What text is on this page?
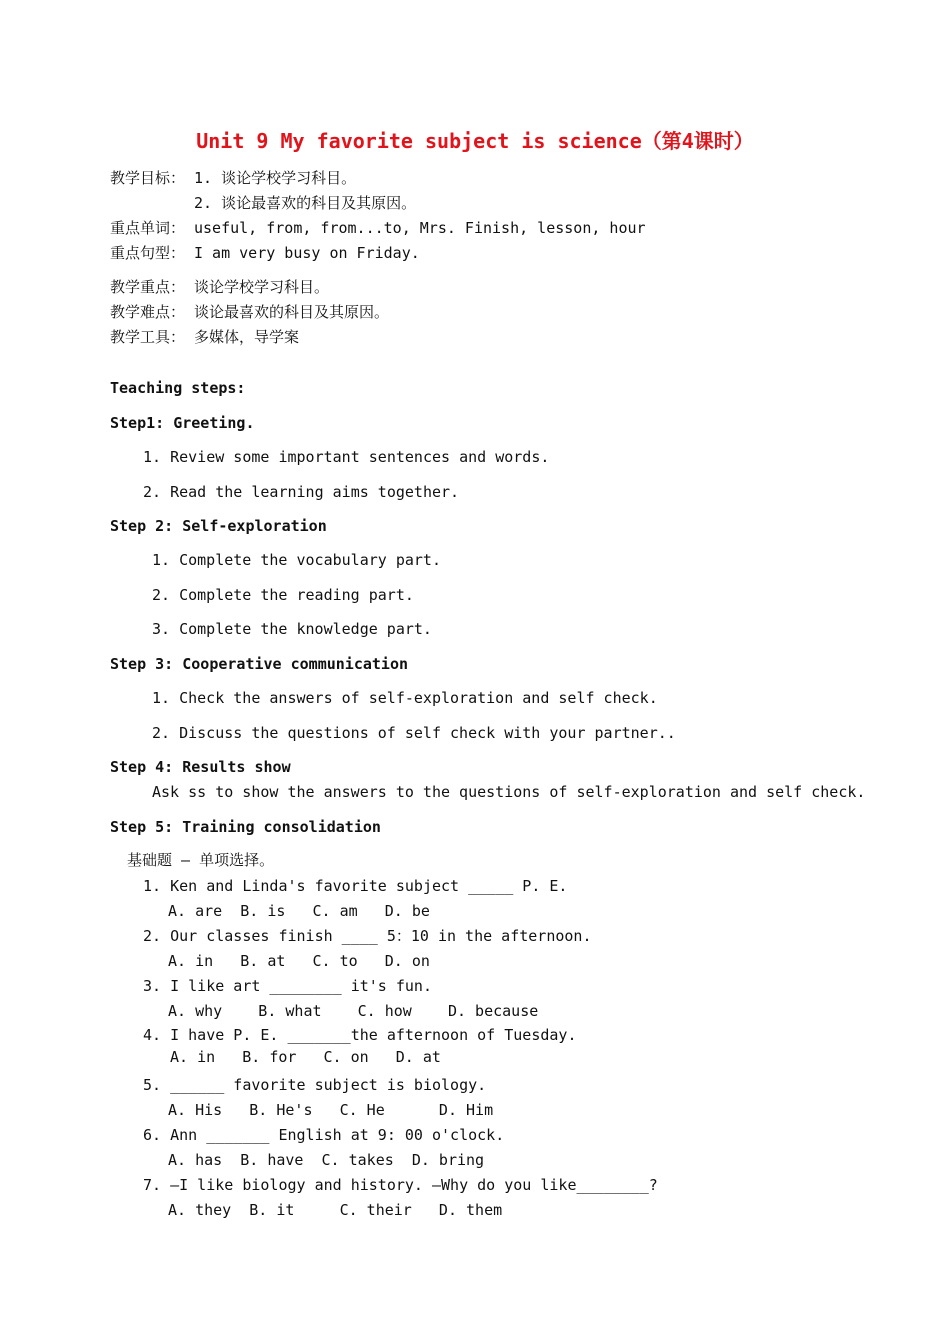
Unit 9 My favorite subject is science（第4课时）
教学目标： 1. 谈论学校学习科目。
2. 谈论最喜欢的科目及其原因。
重点单词： useful, from, from...to, Mrs. Finish, lesson, hour
重点句型： I am very busy on Friday.
教学重点： 谈论学校学习科目。
教学难点： 谈论最喜欢的科目及其原因。
教学工具： 多媒体，导学案
Teaching steps:
Step1: Greeting.
1. Review some important sentences and words.
2. Read the learning aims together.
Step 2: Self-exploration
1. Complete the vocabulary part.
2. Complete the reading part.
3. Complete the knowledge part.
Step 3: Cooperative communication
1. Check the answers of self-exploration and self check.
2. Discuss the questions of self check with your partner..
Step 4: Results show
Ask ss to show the answers to the questions of self-exploration and self check.
Step 5: Training consolidation
基础题 — 单项选择。
1. Ken and Linda's favorite subject _____ P. E.
A. are  B. is   C. am   D. be
2. Our classes finish ____ 5：10 in the afternoon.
A. in   B. at   C. to   D. on
3. I like art ________ it's fun.
A. why    B. what    C. how    D. because
4. I have P. E. _______the afternoon of Tuesday.
A. in   B. for   C. on   D. at
5. ______ favorite subject is biology.
A. His   B. He's   C. He      D. Him
6. Ann _______ English at 9: 00 o'clock.
A. has  B. have  C. takes  D. bring
7. —I like biology and history. —Why do you like________?
A. they  B. it     C. their   D. them
